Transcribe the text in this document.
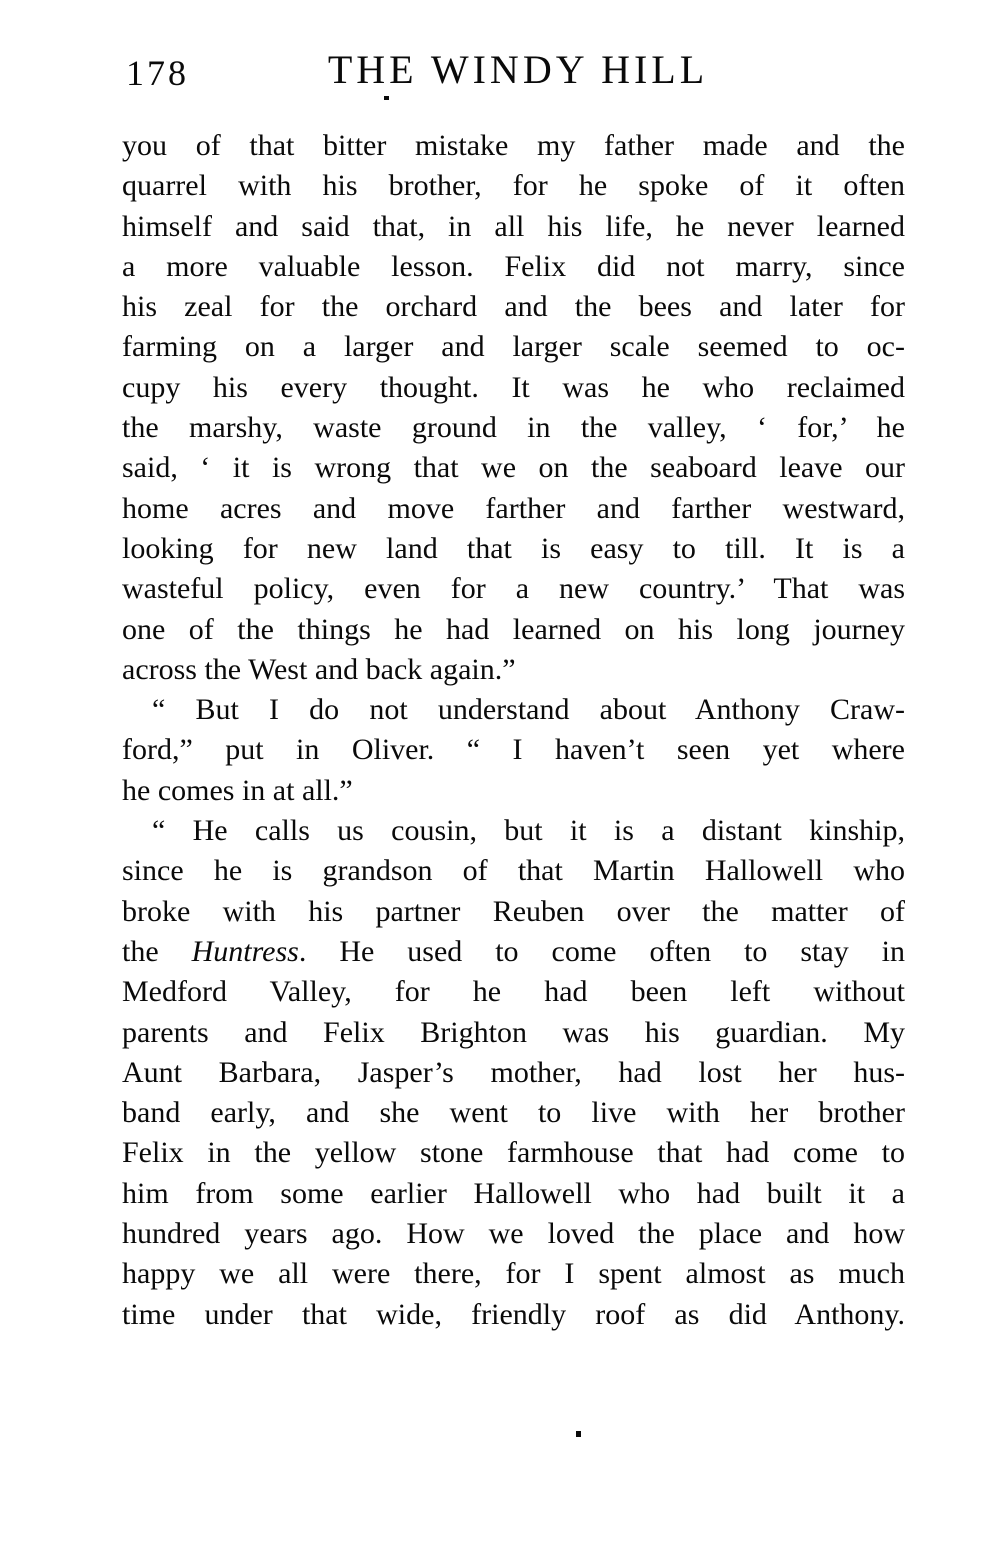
178	THE WINDY HILL
you of that bitter mistake my father made and the
quarrel with his brother, for he spoke of it often
himself and said that, in all his life, he never learned
a more valuable lesson. Felix did not marry, since
his zeal for the orchard and the bees and later for
farming on a larger and larger scale seemed to oc-
cupy his every thought. It was he who reclaimed
the marshy, waste ground in the valley, ‘ for,’ he
said, ‘ it is wrong that we on the seaboard leave our
home acres and move farther and farther westward,
looking for new land that is easy to till. It is a
wasteful policy, even for a new country.’ That was
one of the things he had learned on his long journey
across the West and back again.”
“ But I do not understand about Anthony Craw-
ford,” put in Oliver. “ I haven’t seen yet where
he comes in at all.”
“ He calls us cousin, but it is a distant kinship,
since he is grandson of that Martin Hallowell who
broke with his partner Reuben over the matter of
the Huntress. He used to come often to stay in
Medford Valley, for he had been left without
parents and Felix Brighton was his guardian. My
Aunt Barbara, Jasper’s mother, had lost her hus-
band early, and she went to live with her brother
Felix in the yellow stone farmhouse that had come to
him from some earlier Hallowell who had built it a
hundred years ago. How we loved the place and how
happy we all were there, for I spent almost as much
time under that wide, friendly roof as did Anthony.
